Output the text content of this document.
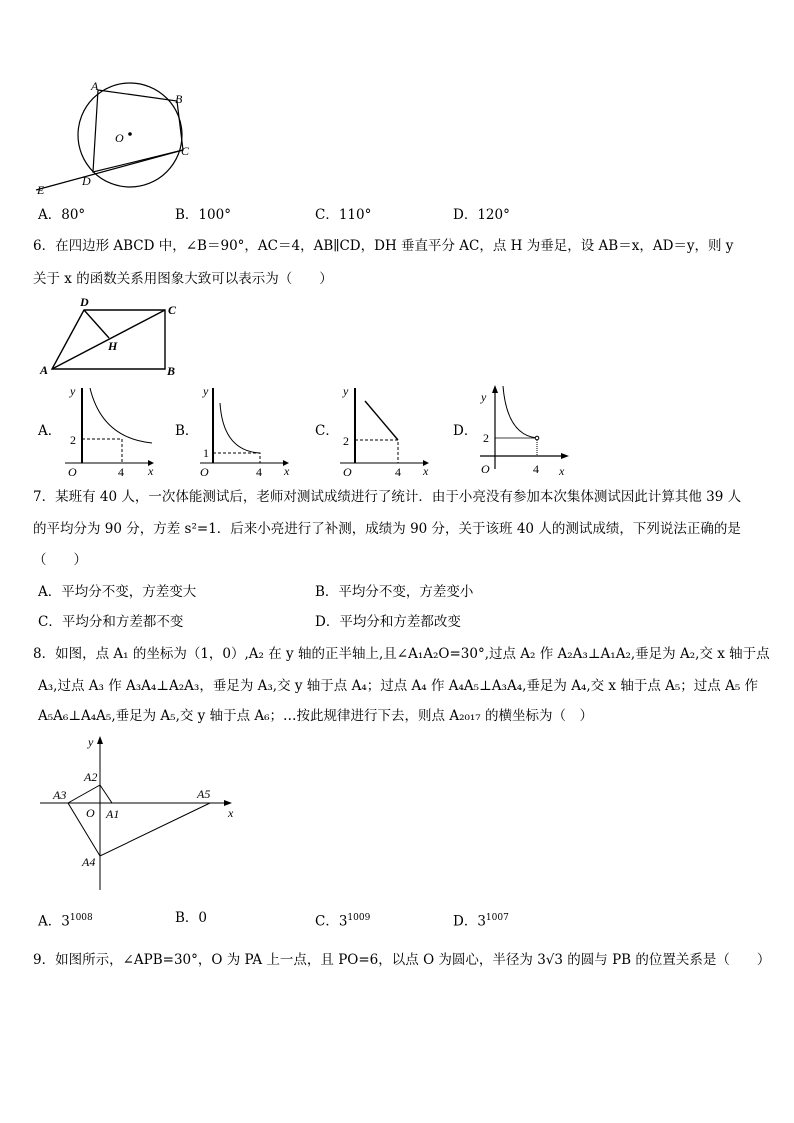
A
B
C
D
E
O
A．80°	B．100°	C．110°	D．120°
6．在四边形 ABCD 中，∠B＝90°，AC＝4，AB∥CD，DH 垂直平分 AC，点 H 为垂足，设 AB＝x，AD＝y，则 y
关于 x 的函数关系用图象大致可以表示为（　　）
D
C
H
A	B
A．
2
4
O	x
y
B．
1
4
O	x
y
C．
2
4
O	x
y
D． 2
4
O	x
y
7．某班有 40 人，一次体能测试后，老师对测试成绩进行了统计．由于小亮没有参加本次集体测试因此计算其他 39 人
的平均分为 90 分，方差 s²=1．后来小亮进行了补测，成绩为 90 分，关于该班 40 人的测试成绩，下列说法正确的是
（　　）
A．平均分不变，方差变大	B．平均分不变，方差变小
C．平均分和方差都不变	D．平均分和方差都改变
8．如图，点 A₁ 的坐标为（1，0）,A₂ 在 y 轴的正半轴上,且∠A₁A₂O=30°,过点 A₂ 作 A₂A₃⊥A₁A₂,垂足为 A₂,交 x 轴于点
A₃,过点 A₃ 作 A₃A₄⊥A₂A₃，垂足为 A₃,交 y 轴于点 A₄；过点 A₄ 作 A₄A₅⊥A₃A₄,垂足为 A₄,交 x 轴于点 A₅；过点 A₅ 作
A₅A₆⊥A₄A₅,垂足为 A₅,交 y 轴于点 A₆；…按此规律进行下去，则点 A₂₀₁₇ 的横坐标为（　）
y
x
O
A2
A1
A3
A4
A5
A．$3^{1008}$	B．0	C．$3^{1009}$	D．$3^{1007}$
9．如图所示，∠APB=30°，O 为 PA 上一点，且 PO=6，以点 O 为圆心，半径为 3√3 的圆与 PB 的位置关系是（　　）
